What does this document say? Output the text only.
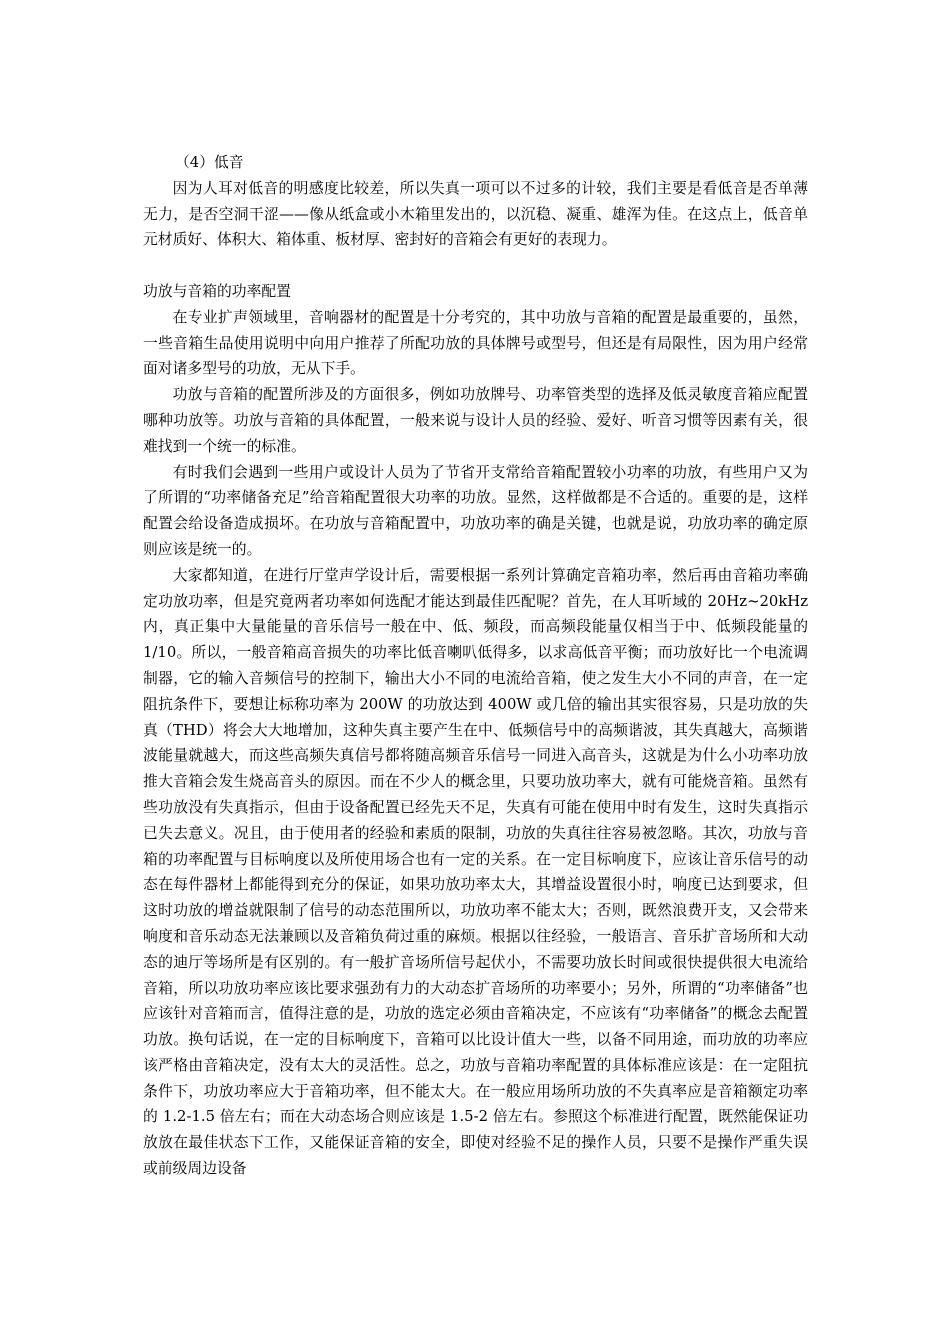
（4）低音

因为人耳对低音的明感度比较差，所以失真一项可以不过多的计较，我们主要是看低音是否单薄无力，是否空洞干涩——像从纸盒或小木箱里发出的，以沉稳、凝重、雄浑为佳。在这点上，低音单元材质好、体积大、箱体重、板材厚、密封好的音箱会有更好的表现力。

功放与音箱的功率配置

在专业扩声领域里，音响器材的配置是十分考究的，其中功放与音箱的配置是最重要的，虽然，一些音箱生品使用说明中向用户推荐了所配功放的具体牌号或型号，但还是有局限性，因为用户经常面对诸多型号的功放，无从下手。

功放与音箱的配置所涉及的方面很多，例如功放牌号、功率管类型的选择及低灵敏度音箱应配置哪种功放等。功放与音箱的具体配置，一般来说与设计人员的经验、爱好、听音习惯等因素有关，很难找到一个统一的标准。

有时我们会遇到一些用户或设计人员为了节省开支常给音箱配置较小功率的功放，有些用户又为了所谓的“功率储备充足”给音箱配置很大功率的功放。显然，这样做都是不合适的。重要的是，这样配置会给设备造成损坏。在功放与音箱配置中，功放功率的确是关键，也就是说，功放功率的确定原则应该是统一的。

大家都知道，在进行厅堂声学设计后，需要根据一系列计算确定音箱功率，然后再由音箱功率确定功放功率，但是究竟两者功率如何选配才能达到最佳匹配呢？首先，在人耳听域的 20Hz~20kHz 内，真正集中大量能量的音乐信号一般在中、低、频段，而高频段能量仅相当于中、低频段能量的 1/10。所以，一般音箱高音损失的功率比低音喇叭低得多，以求高低音平衡；而功放好比一个电流调制器，它的输入音频信号的控制下，输出大小不同的电流给音箱，使之发生大小不同的声音，在一定阻抗条件下，要想让标称功率为 200W 的功放达到 400W 或几倍的输出其实很容易，只是功放的失真（THD）将会大大地增加，这种失真主要产生在中、低频信号中的高频谐波，其失真越大，高频谐波能量就越大，而这些高频失真信号都将随高频音乐信号一同进入高音头，这就是为什么小功率功放推大音箱会发生烧高音头的原因。而在不少人的概念里，只要功放功率大，就有可能烧音箱。虽然有些功放没有失真指示，但由于设备配置已经先天不足，失真有可能在使用中时有发生，这时失真指示已失去意义。况且，由于使用者的经验和素质的限制，功放的失真往往容易被忽略。其次，功放与音箱的功率配置与目标响度以及所使用场合也有一定的关系。在一定目标响度下，应该让音乐信号的动态在每件器材上都能得到充分的保证，如果功放功率太大，其增益设置很小时，响度已达到要求，但这时功放的增益就限制了信号的动态范围所以，功放功率不能太大；否则，既然浪费开支，又会带来响度和音乐动态无法兼顾以及音箱负荷过重的麻烦。根据以往经验，一般语言、音乐扩音场所和大动态的迪厅等场所是有区别的。有一般扩音场所信号起伏小，不需要功放长时间或很快提供很大电流给音箱，所以功放功率应该比要求强劲有力的大动态扩音场所的功率要小；另外，所谓的“功率储备”也应该针对音箱而言，值得注意的是，功放的选定必须由音箱决定，不应该有“功率储备”的概念去配置功放。换句话说，在一定的目标响度下，音箱可以比设计值大一些，以备不同用途，而功放的功率应该严格由音箱决定，没有太大的灵活性。总之，功放与音箱功率配置的具体标准应该是：在一定阻抗条件下，功放功率应大于音箱功率，但不能太大。在一般应用场所功放的不失真率应是音箱额定功率的 1.2-1.5 倍左右；而在大动态场合则应该是 1.5-2 倍左右。参照这个标准进行配置，既然能保证功放放在最佳状态下工作，又能保证音箱的安全，即使对经验不足的操作人员，只要不是操作严重失误或前级周边设备
